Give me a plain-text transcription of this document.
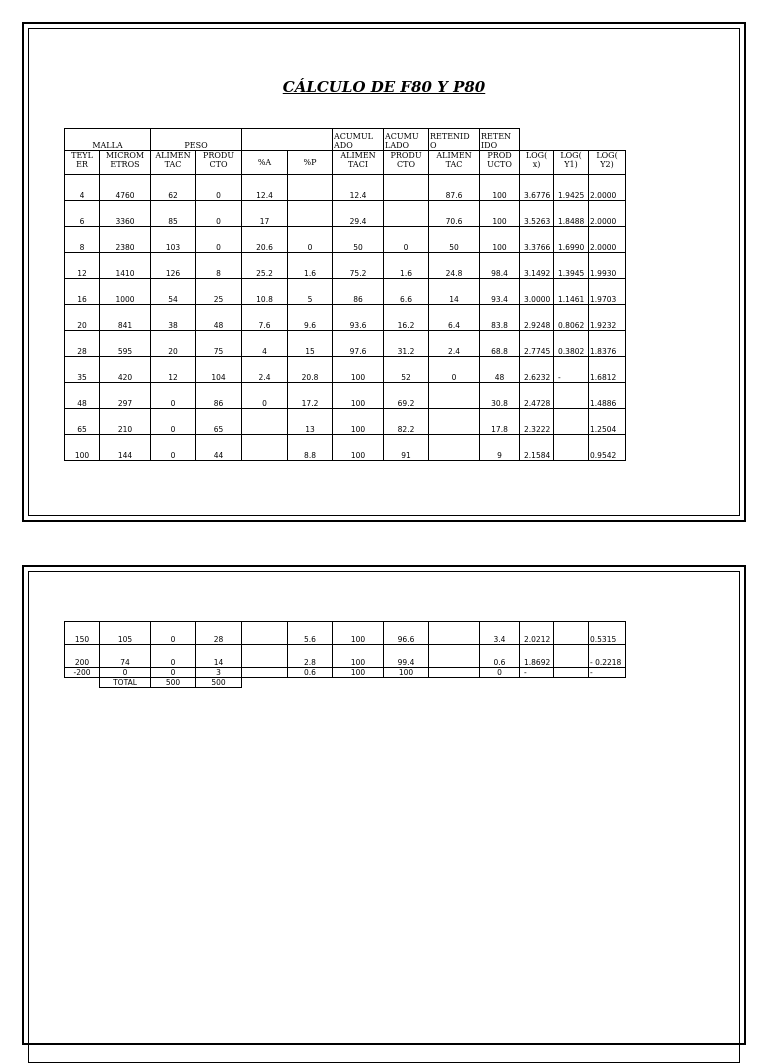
CÁLCULO DE F80 Y P80
MALLA		PESO				ACUMUL ADO	ACUMU LADO	RETENID O	RETEN IDO			
TEYL ER	MICROM ETROS	ALIMEN TAC	PRODU CTO	%A	%P	ALIMEN TACI	PRODU CTO	ALIMEN TAC	PROD UCTO	LOG( x)	LOG( Y1)	LOG( Y2)
4	4760	62	0	12.4		12.4		87.6	100	3.6776	1.9425	2.0000
6	3360	85	0	17		29.4		70.6	100	3.5263	1.8488	2.0000
8	2380	103	0	20.6	0	50	0	50	100	3.3766	1.6990	2.0000
12	1410	126	8	25.2	1.6	75.2	1.6	24.8	98.4	3.1492	1.3945	1.9930
16	1000	54	25	10.8	5	86	6.6	14	93.4	3.0000	1.1461	1.9703
20	841	38	48	7.6	9.6	93.6	16.2	6.4	83.8	2.9248	0.8062	1.9232
28	595	20	75	4	15	97.6	31.2	2.4	68.8	2.7745	0.3802	1.8376
35	420	12	104	2.4	20.8	100	52	0	48	2.6232	-	1.6812
48	297	0	86	0	17.2	100	69.2		30.8	2.4728		1.4886
65	210	0	65		13	100	82.2		17.8	2.3222		1.2504
100	144	0	44		8.8	100	91		9	2.1584		0.9542
150	105	0	28		5.6	100	96.6		3.4	2.0212		0.5315
200	74	0	14		2.8	100	99.4		0.6	1.8692		- 0.2218
-200	0	0	3		0.6	100	100		0	-		-
	TOTAL	500	500									
